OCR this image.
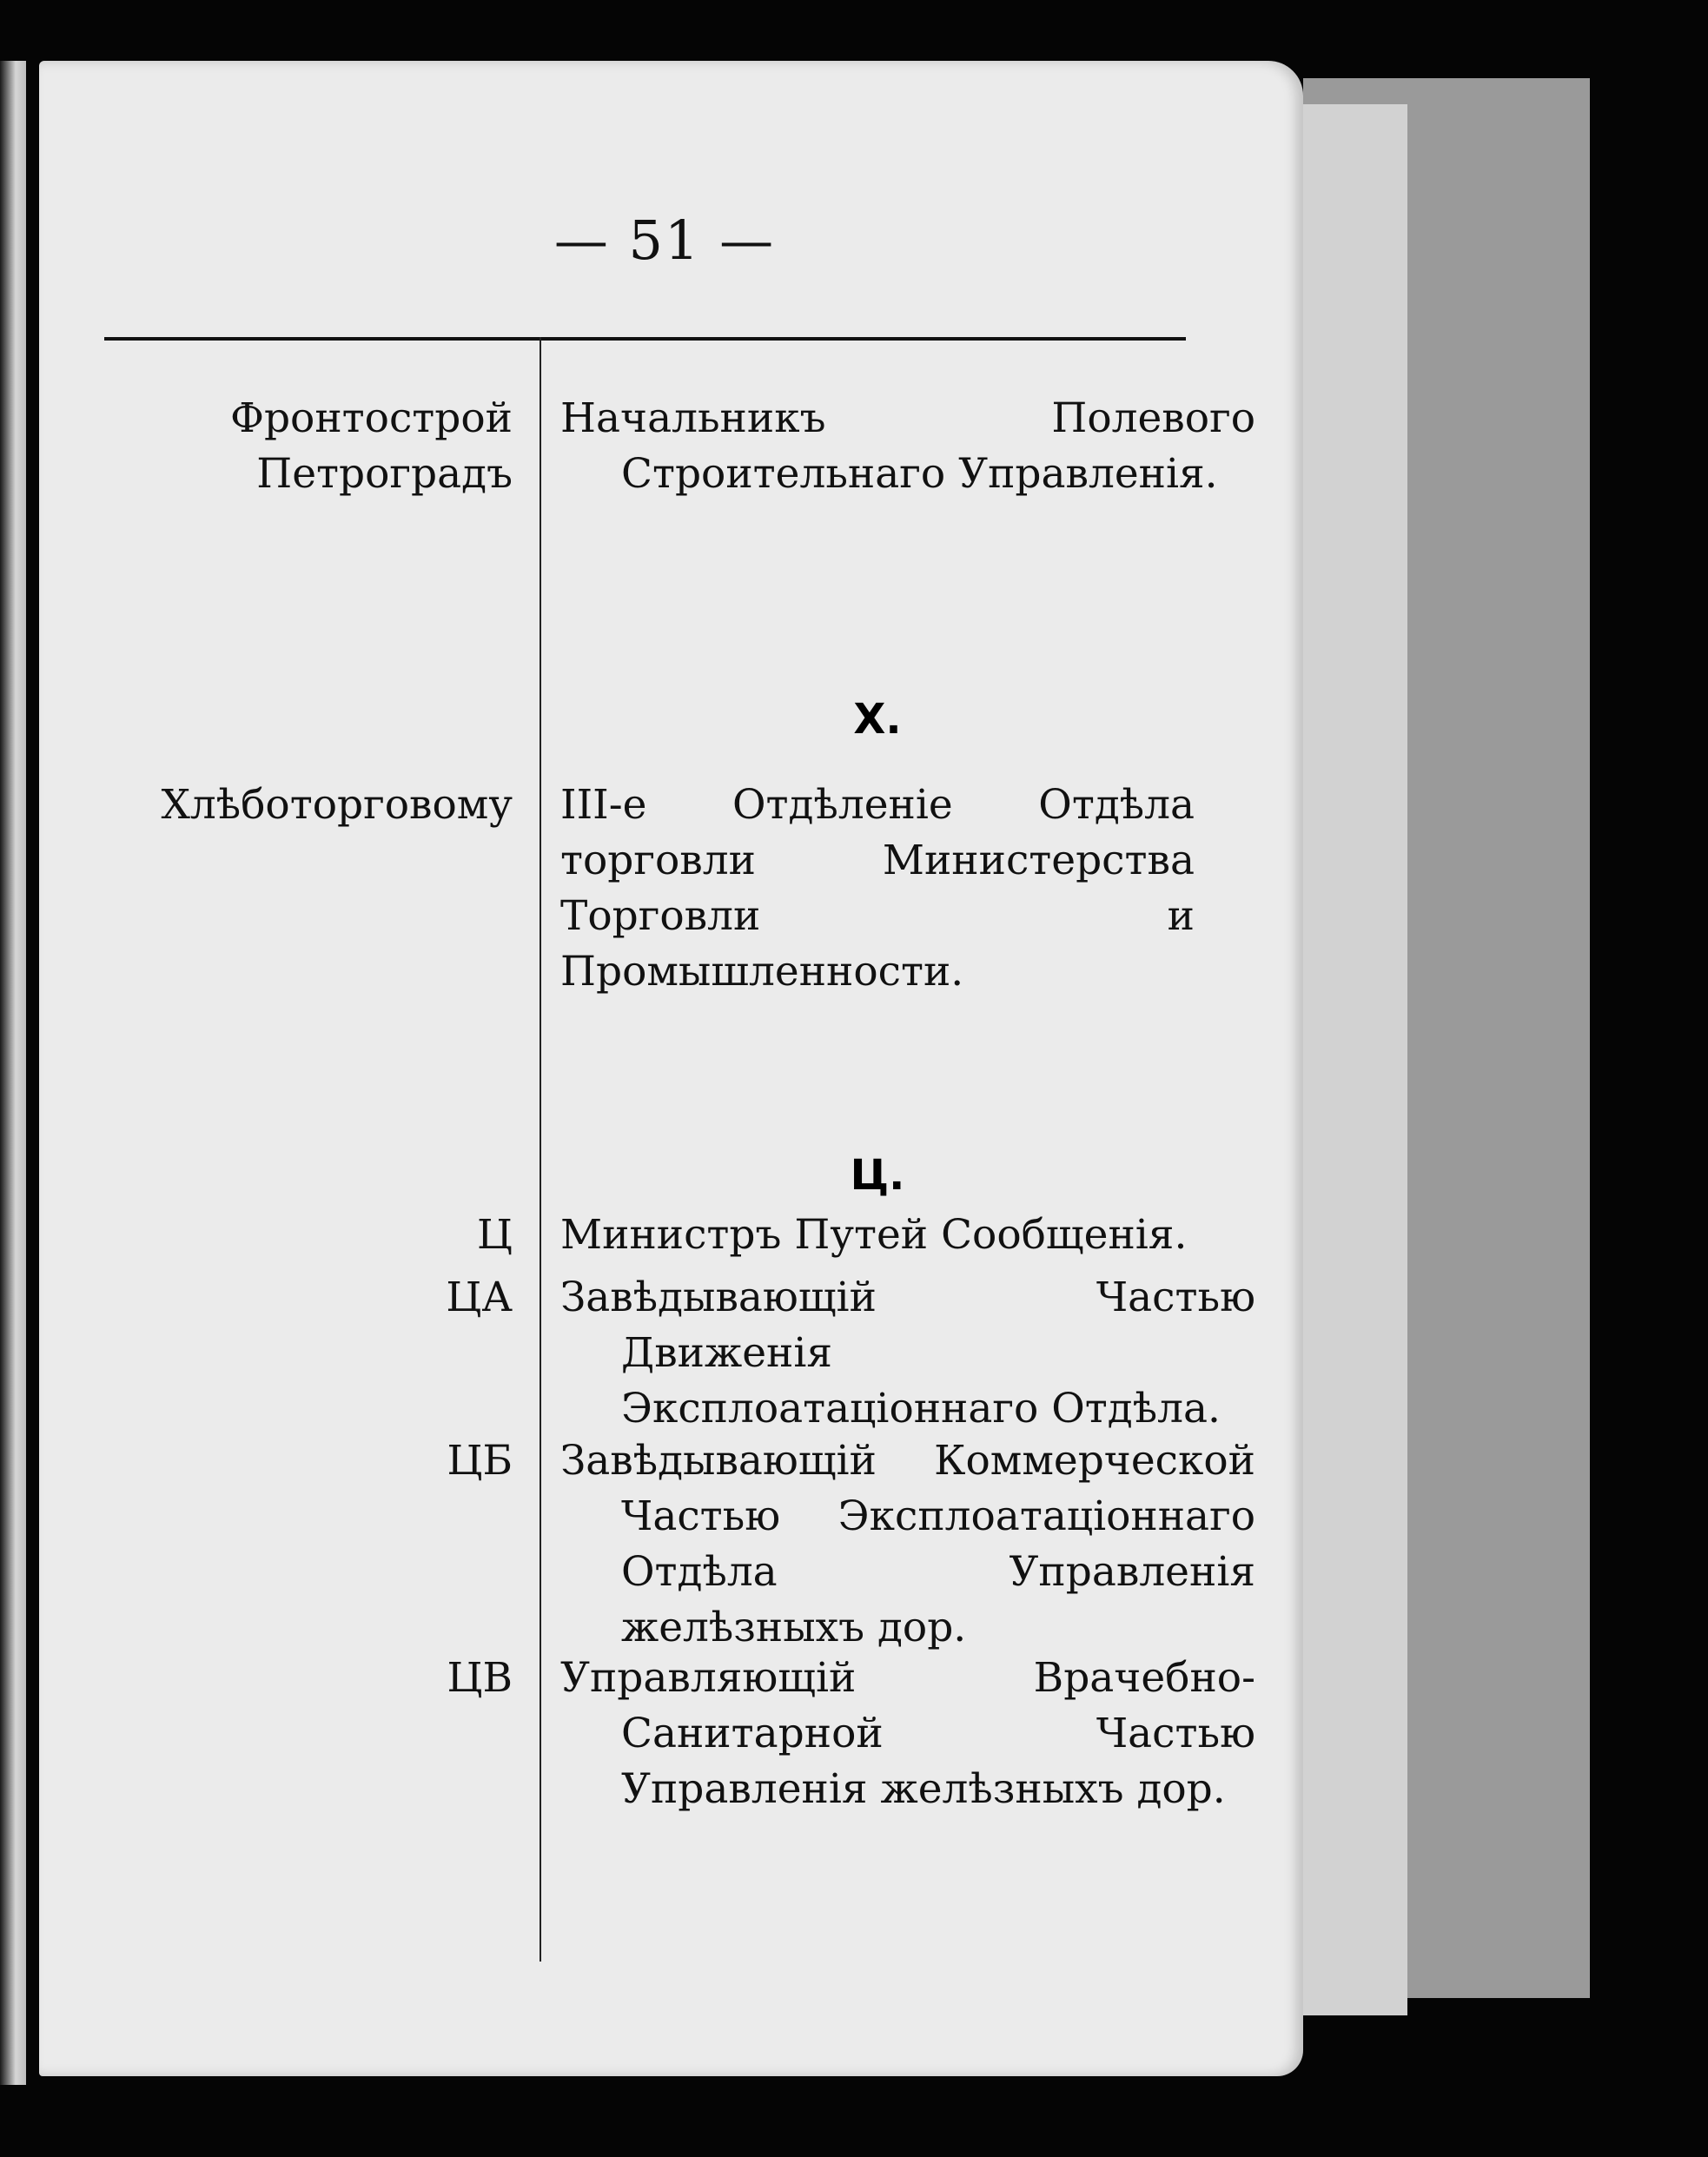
— 51 —
Фронтострой Петроградъ
Начальникъ Полевого Строительнаго Управленія.
Х.
Хлѣботорговому III-е Отдѣленіе Отдѣла торговли Министерства Торговли и Промышленности.
Ц.
Ц Министръ Путей Сообщенія.
ЦА Завѣдывающій Частью Движенія Эксплоатаціоннаго Отдѣла.
ЦБ Завѣдывающій Коммерческой Частью Эксплоатаціоннаго Отдѣла Управленія желѣзныхъ дор.
ЦВ Управляющій Врачебно-Санитарной Частью Управленія желѣзныхъ дор.
